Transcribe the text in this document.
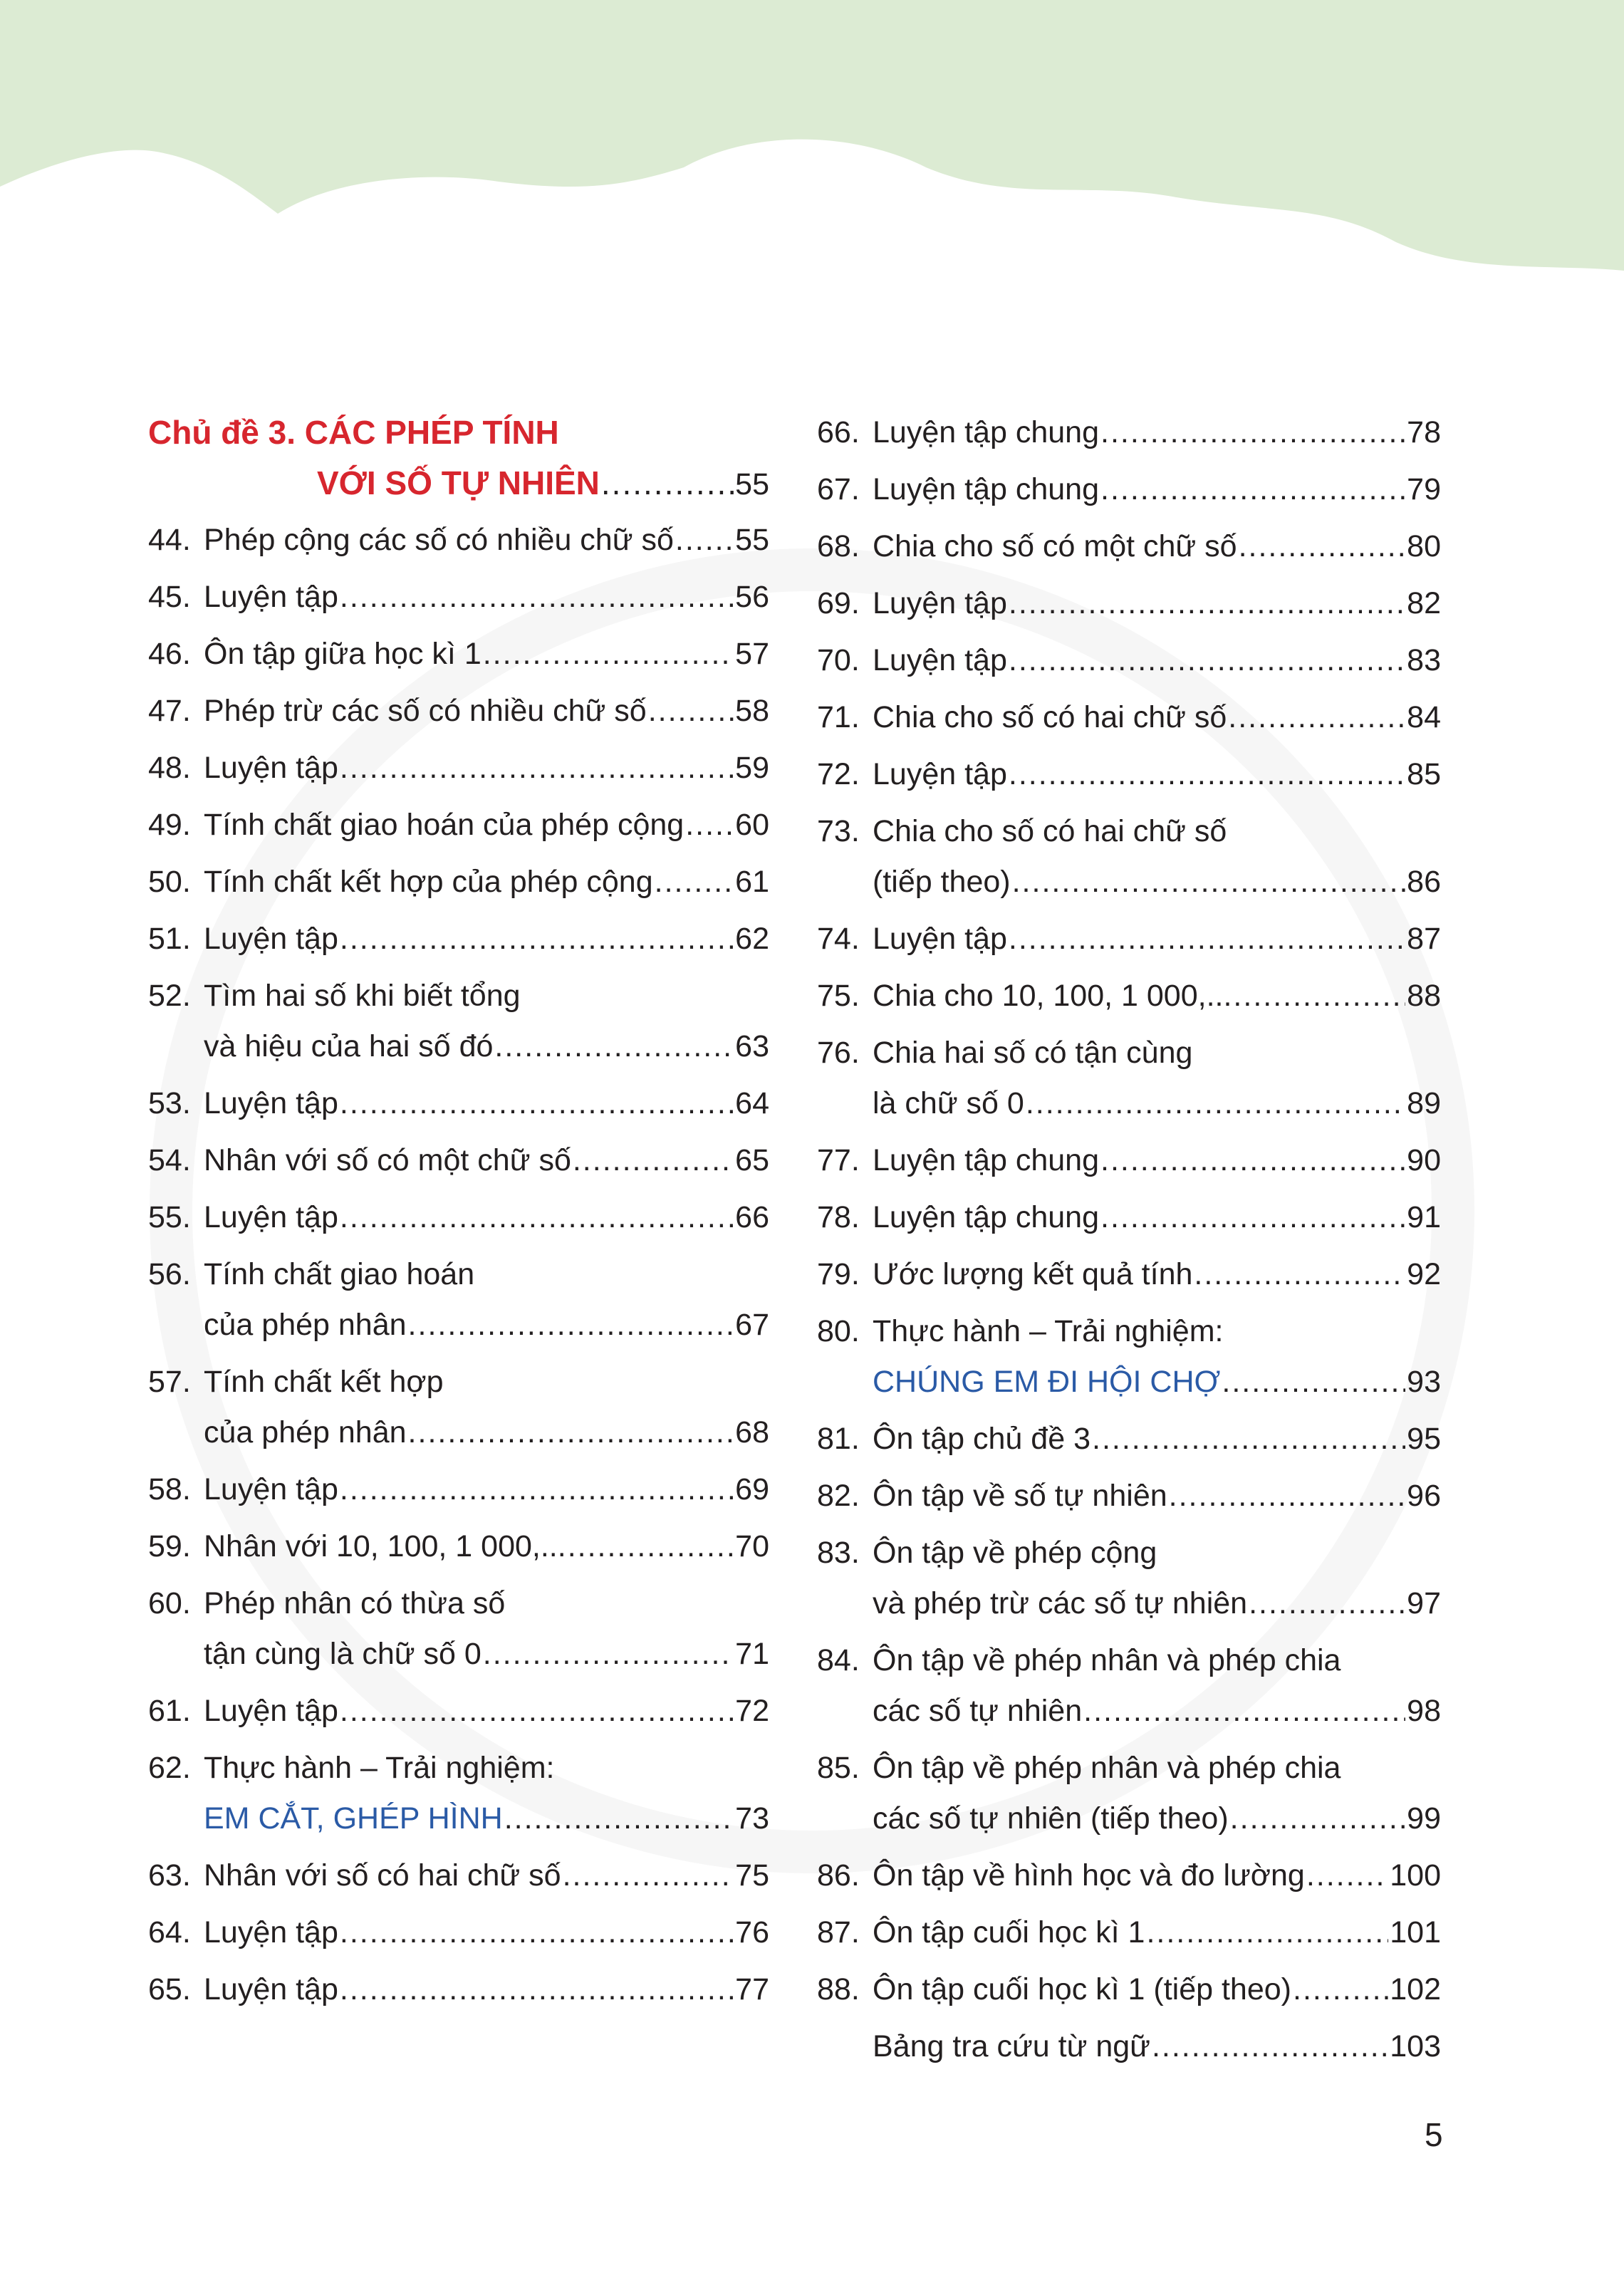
Chủ đề 3. CÁC PHÉP TÍNH
VỚI SỐ TỰ NHIÊN .....	55
44. Phép cộng các số có nhiều chữ số ..... 55
45. Luyện tập .....	56
46. Ôn tập giữa học kì 1 .....	57
47. Phép trừ các số có nhiều chữ số .....	58
48. Luyện tập .....	59
49. Tính chất giao hoán của phép cộng ..... 60
50. Tính chất kết hợp của phép cộng .....	61
51. Luyện tập .....	62
52. Tìm hai số khi biết tổng
và hiệu của hai số đó .....	63
53. Luyện tập .....	64
54. Nhân với số có một chữ số .....	65
55. Luyện tập .....	66
56. Tính chất giao hoán
của phép nhân .....	67
57. Tính chất kết hợp
của phép nhân .....	68
58. Luyện tập .....	69
59. Nhân với 10, 100, 1 000,... .....	70
60. Phép nhân có thừa số
tận cùng là chữ số 0 .....	71
61. Luyện tập .....	72
62. Thực hành – Trải nghiệm:
EM CẮT, GHÉP HÌNH .....	73
63. Nhân với số có hai chữ số .....	75
64. Luyện tập .....	76
65. Luyện tập .....	77
66. Luyện tập chung .....	78
67. Luyện tập chung .....	79
68. Chia cho số có một chữ số .....	80
69. Luyện tập .....	82
70. Luyện tập .....	83
71. Chia cho số có hai chữ số .....	84
72. Luyện tập .....	85
73. Chia cho số có hai chữ số
(tiếp theo) .....	86
74. Luyện tập .....	87
75. Chia cho 10, 100, 1 000,... .....	88
76. Chia hai số có tận cùng
là chữ số 0 .....	89
77. Luyện tập chung .....	90
78. Luyện tập chung .....	91
79. Ước lượng kết quả tính .....	92
80. Thực hành – Trải nghiệm:
CHÚNG EM ĐI HỘI CHỢ .....	93
81. Ôn tập chủ đề 3 .....	95
82. Ôn tập về số tự nhiên .....	96
83. Ôn tập về phép cộng
và phép trừ các số tự nhiên .....	97
84. Ôn tập về phép nhân và phép chia
các số tự nhiên .....	98
85. Ôn tập về phép nhân và phép chia
các số tự nhiên (tiếp theo) .....	99
86. Ôn tập về hình học và đo lường .....	100
87. Ôn tập cuối học kì 1 .....	101
88. Ôn tập cuối học kì 1 (tiếp theo) .....	102
Bảng tra cứu từ ngữ .....	103
5
